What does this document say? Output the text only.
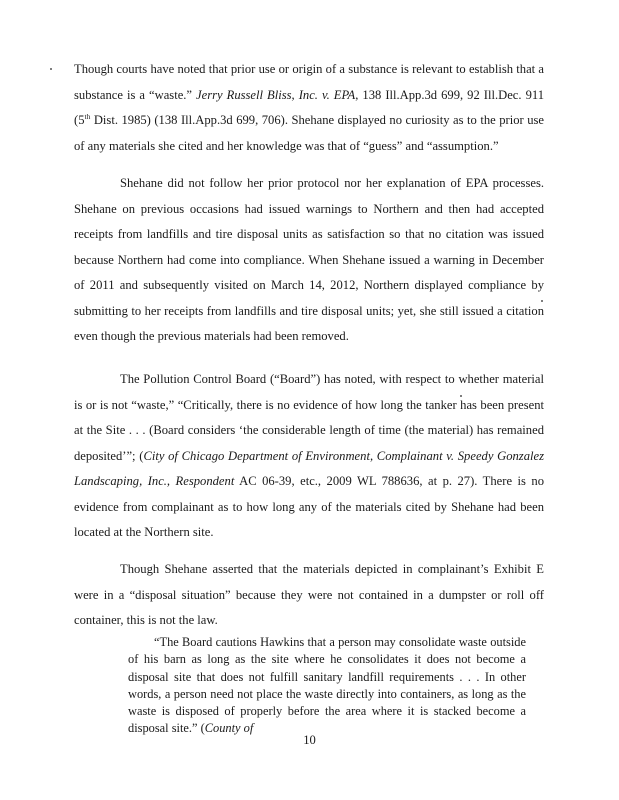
Though courts have noted that prior use or origin of a substance is relevant to establish that a substance is a “waste.” Jerry Russell Bliss, Inc. v. EPA, 138 Ill.App.3d 699, 92 Ill.Dec. 911 (5th Dist. 1985) (138 Ill.App.3d 699, 706). Shehane displayed no curiosity as to the prior use of any materials she cited and her knowledge was that of “guess” and “assumption.”

Shehane did not follow her prior protocol nor her explanation of EPA processes. Shehane on previous occasions had issued warnings to Northern and then had accepted receipts from landfills and tire disposal units as satisfaction so that no citation was issued because Northern had come into compliance. When Shehane issued a warning in December of 2011 and subsequently visited on March 14, 2012, Northern displayed compliance by submitting to her receipts from landfills and tire disposal units; yet, she still issued a citation even though the previous materials had been removed.

The Pollution Control Board (“Board”) has noted, with respect to whether material is or is not “waste,” “Critically, there is no evidence of how long the tanker has been present at the Site . . . (Board considers ‘the considerable length of time (the material) has remained deposited’”; (City of Chicago Department of Environment, Complainant v. Speedy Gonzalez Landscaping, Inc., Respondent AC 06-39, etc., 2009 WL 788636, at p. 27). There is no evidence from complainant as to how long any of the materials cited by Shehane had been located at the Northern site.

Though Shehane asserted that the materials depicted in complainant’s Exhibit E were in a “disposal situation” because they were not contained in a dumpster or roll off container, this is not the law.

“The Board cautions Hawkins that a person may consolidate waste outside of his barn as long as the site where he consolidates it does not become a disposal site that does not fulfill sanitary landfill requirements . . . In other words, a person need not place the waste directly into containers, as long as the waste is disposed of properly before the area where it is stacked become a disposal site.” (County of

10
